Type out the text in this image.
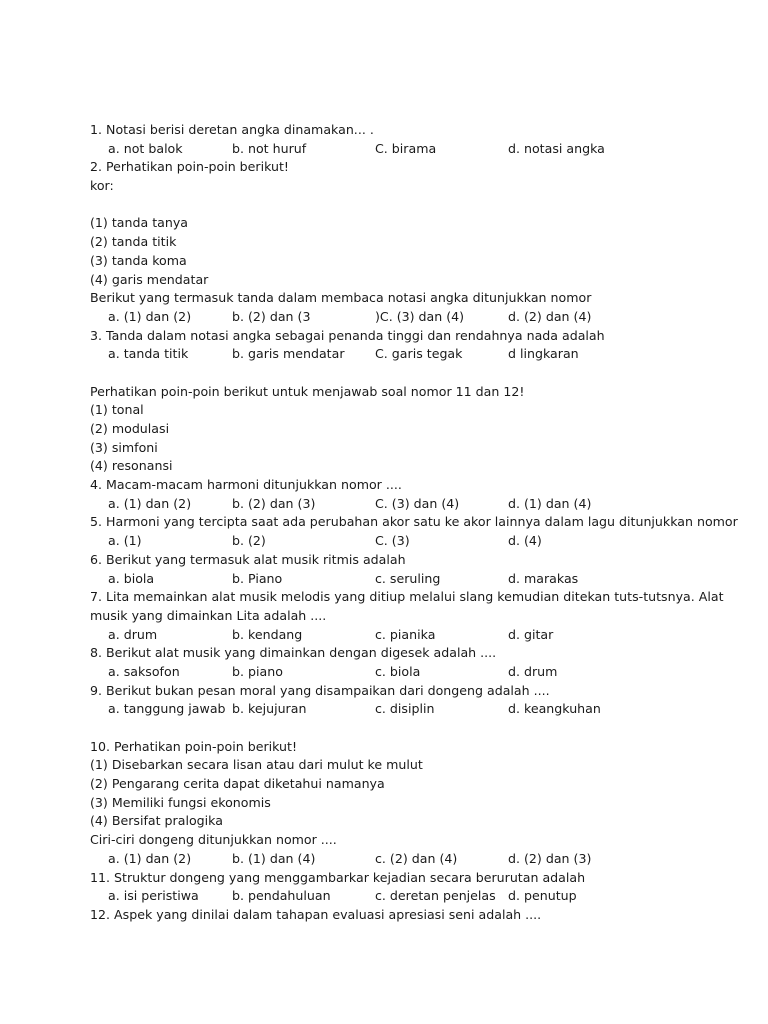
1. Notasi berisi deretan angka dinamakan... .
a. not balok	b. not huruf	C. birama	d. notasi angka
2. Perhatikan poin-poin berikut!
kor:
(1) tanda tanya
(2) tanda titik
(3) tanda koma
(4) garis mendatar
Berikut yang termasuk tanda dalam membaca notasi angka ditunjukkan nomor
a. (1) dan (2)	b. (2) dan (3	)C. (3) dan (4)	d. (2) dan (4)
3. Tanda dalam notasi angka sebagai penanda tinggi dan rendahnya nada adalah
a. tanda titik	b. garis mendatar C. garis tegak	d lingkaran
Perhatikan poin-poin berikut untuk menjawab soal nomor 11 dan 12!
(1) tonal
(2) modulasi
(3) simfoni
(4) resonansi
4. Macam-macam harmoni ditunjukkan nomor ....
a. (1) dan (2)	b. (2) dan (3)	C. (3) dan (4)	d. (1) dan (4)
5. Harmoni yang tercipta saat ada perubahan akor satu ke akor lainnya dalam lagu ditunjukkan nomor
a. (1)	b. (2)	C. (3)	d. (4)
6. Berikut yang termasuk alat musik ritmis adalah
a. biola	b. Piano	c. seruling	d. marakas
7. Lita memainkan alat musik melodis yang ditiup melalui slang kemudian ditekan tuts-tutsnya. Alat
musik yang dimainkan Lita adalah ....
a. drum	b. kendang	c. pianika	d. gitar
8. Berikut alat musik yang dimainkan dengan digesek adalah ....
a. saksofon	b. piano	c. biola	d. drum
9. Berikut bukan pesan moral yang disampaikan dari dongeng adalah ....
a. tanggung jawab b. kejujuran	c. disiplin	d. keangkuhan
10. Perhatikan poin-poin berikut!
(1) Disebarkan secara lisan atau dari mulut ke mulut
(2) Pengarang cerita dapat diketahui namanya
(3) Memiliki fungsi ekonomis
(4) Bersifat pralogika
Ciri-ciri dongeng ditunjukkan nomor ....
a. (1) dan (2)	b. (1) dan (4)	c. (2) dan (4)	d. (2) dan (3)
11. Struktur dongeng yang menggambarkar kejadian secara berurutan adalah
a. isi peristiwa	b. pendahuluan	c. deretan penjelas d. penutup
12. Aspek yang dinilai dalam tahapan evaluasi apresiasi seni adalah ....
